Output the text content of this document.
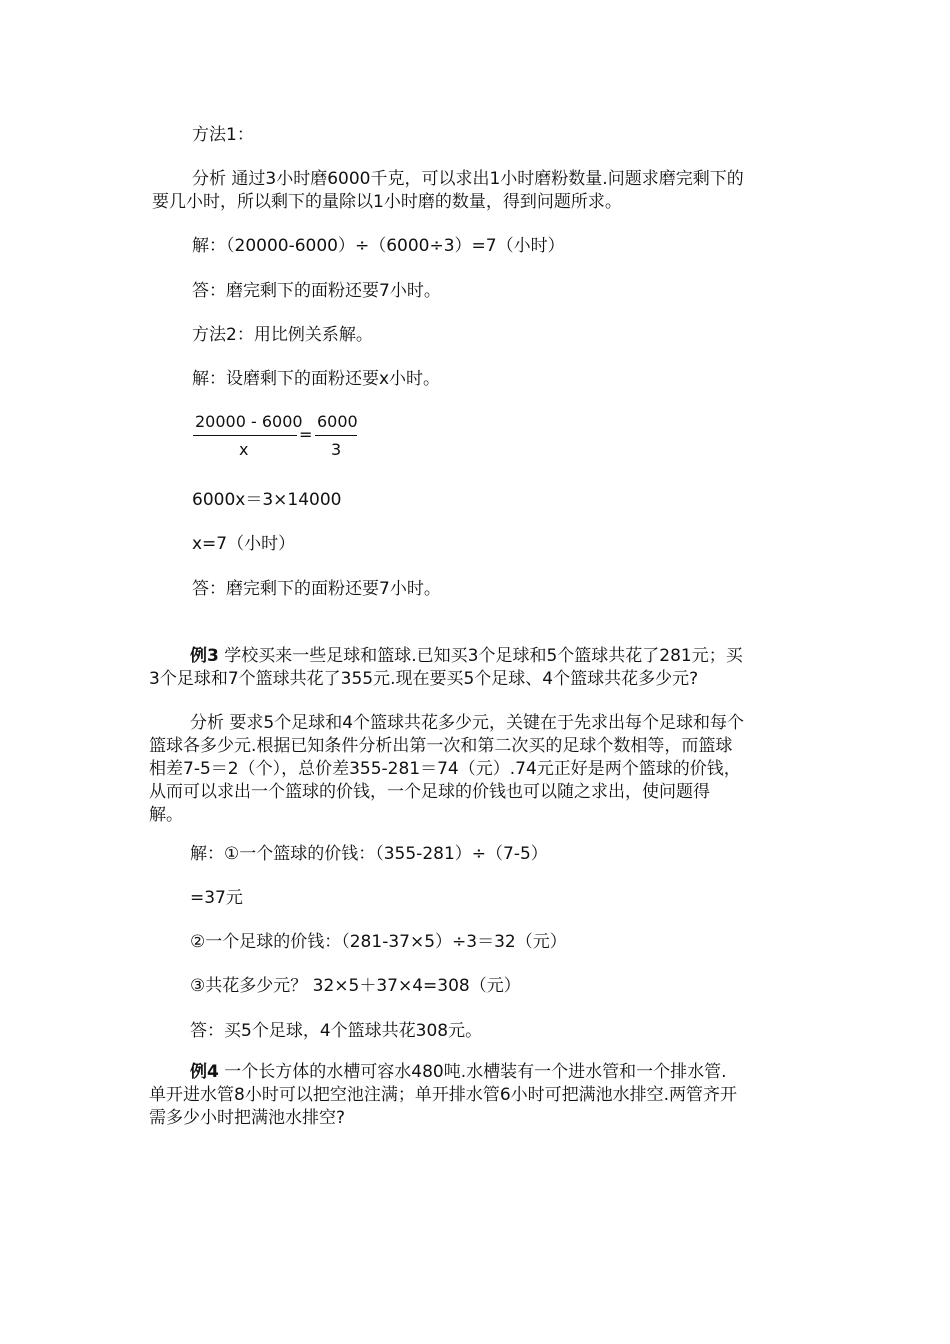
方法1：
分析 通过3小时磨6000千克，可以求出1小时磨粉数量.问题求磨完剩下的
要几小时，所以剩下的量除以1小时磨的数量，得到问题所求。
解：（20000-6000）÷（6000÷3）=7（小时）
答：磨完剩下的面粉还要7小时。
方法2：用比例关系解。
解：设磨剩下的面粉还要x小时。
20000 - 6000
x
=
6000
3
6000x＝3×14000
x=7（小时）
答：磨完剩下的面粉还要7小时。
例3 学校买来一些足球和篮球.已知买3个足球和5个篮球共花了281元；买
3个足球和7个篮球共花了355元.现在要买5个足球、4个篮球共花多少元?
分析 要求5个足球和4个篮球共花多少元，关键在于先求出每个足球和每个
篮球各多少元.根据已知条件分析出第一次和第二次买的足球个数相等，而篮球
相差7-5＝2（个），总价差355-281＝74（元）.74元正好是两个篮球的价钱，
从而可以求出一个篮球的价钱，一个足球的价钱也可以随之求出，使问题得
解。
解：①一个篮球的价钱：（355-281）÷（7-5）
=37元
②一个足球的价钱：（281-37×5）÷3＝32（元）
③共花多少元？ 32×5＋37×4=308（元）
答：买5个足球，4个篮球共花308元。
例4 一个长方体的水槽可容水480吨.水槽装有一个进水管和一个排水管.
单开进水管8小时可以把空池注满；单开排水管6小时可把满池水排空.两管齐开
需多少小时把满池水排空?
